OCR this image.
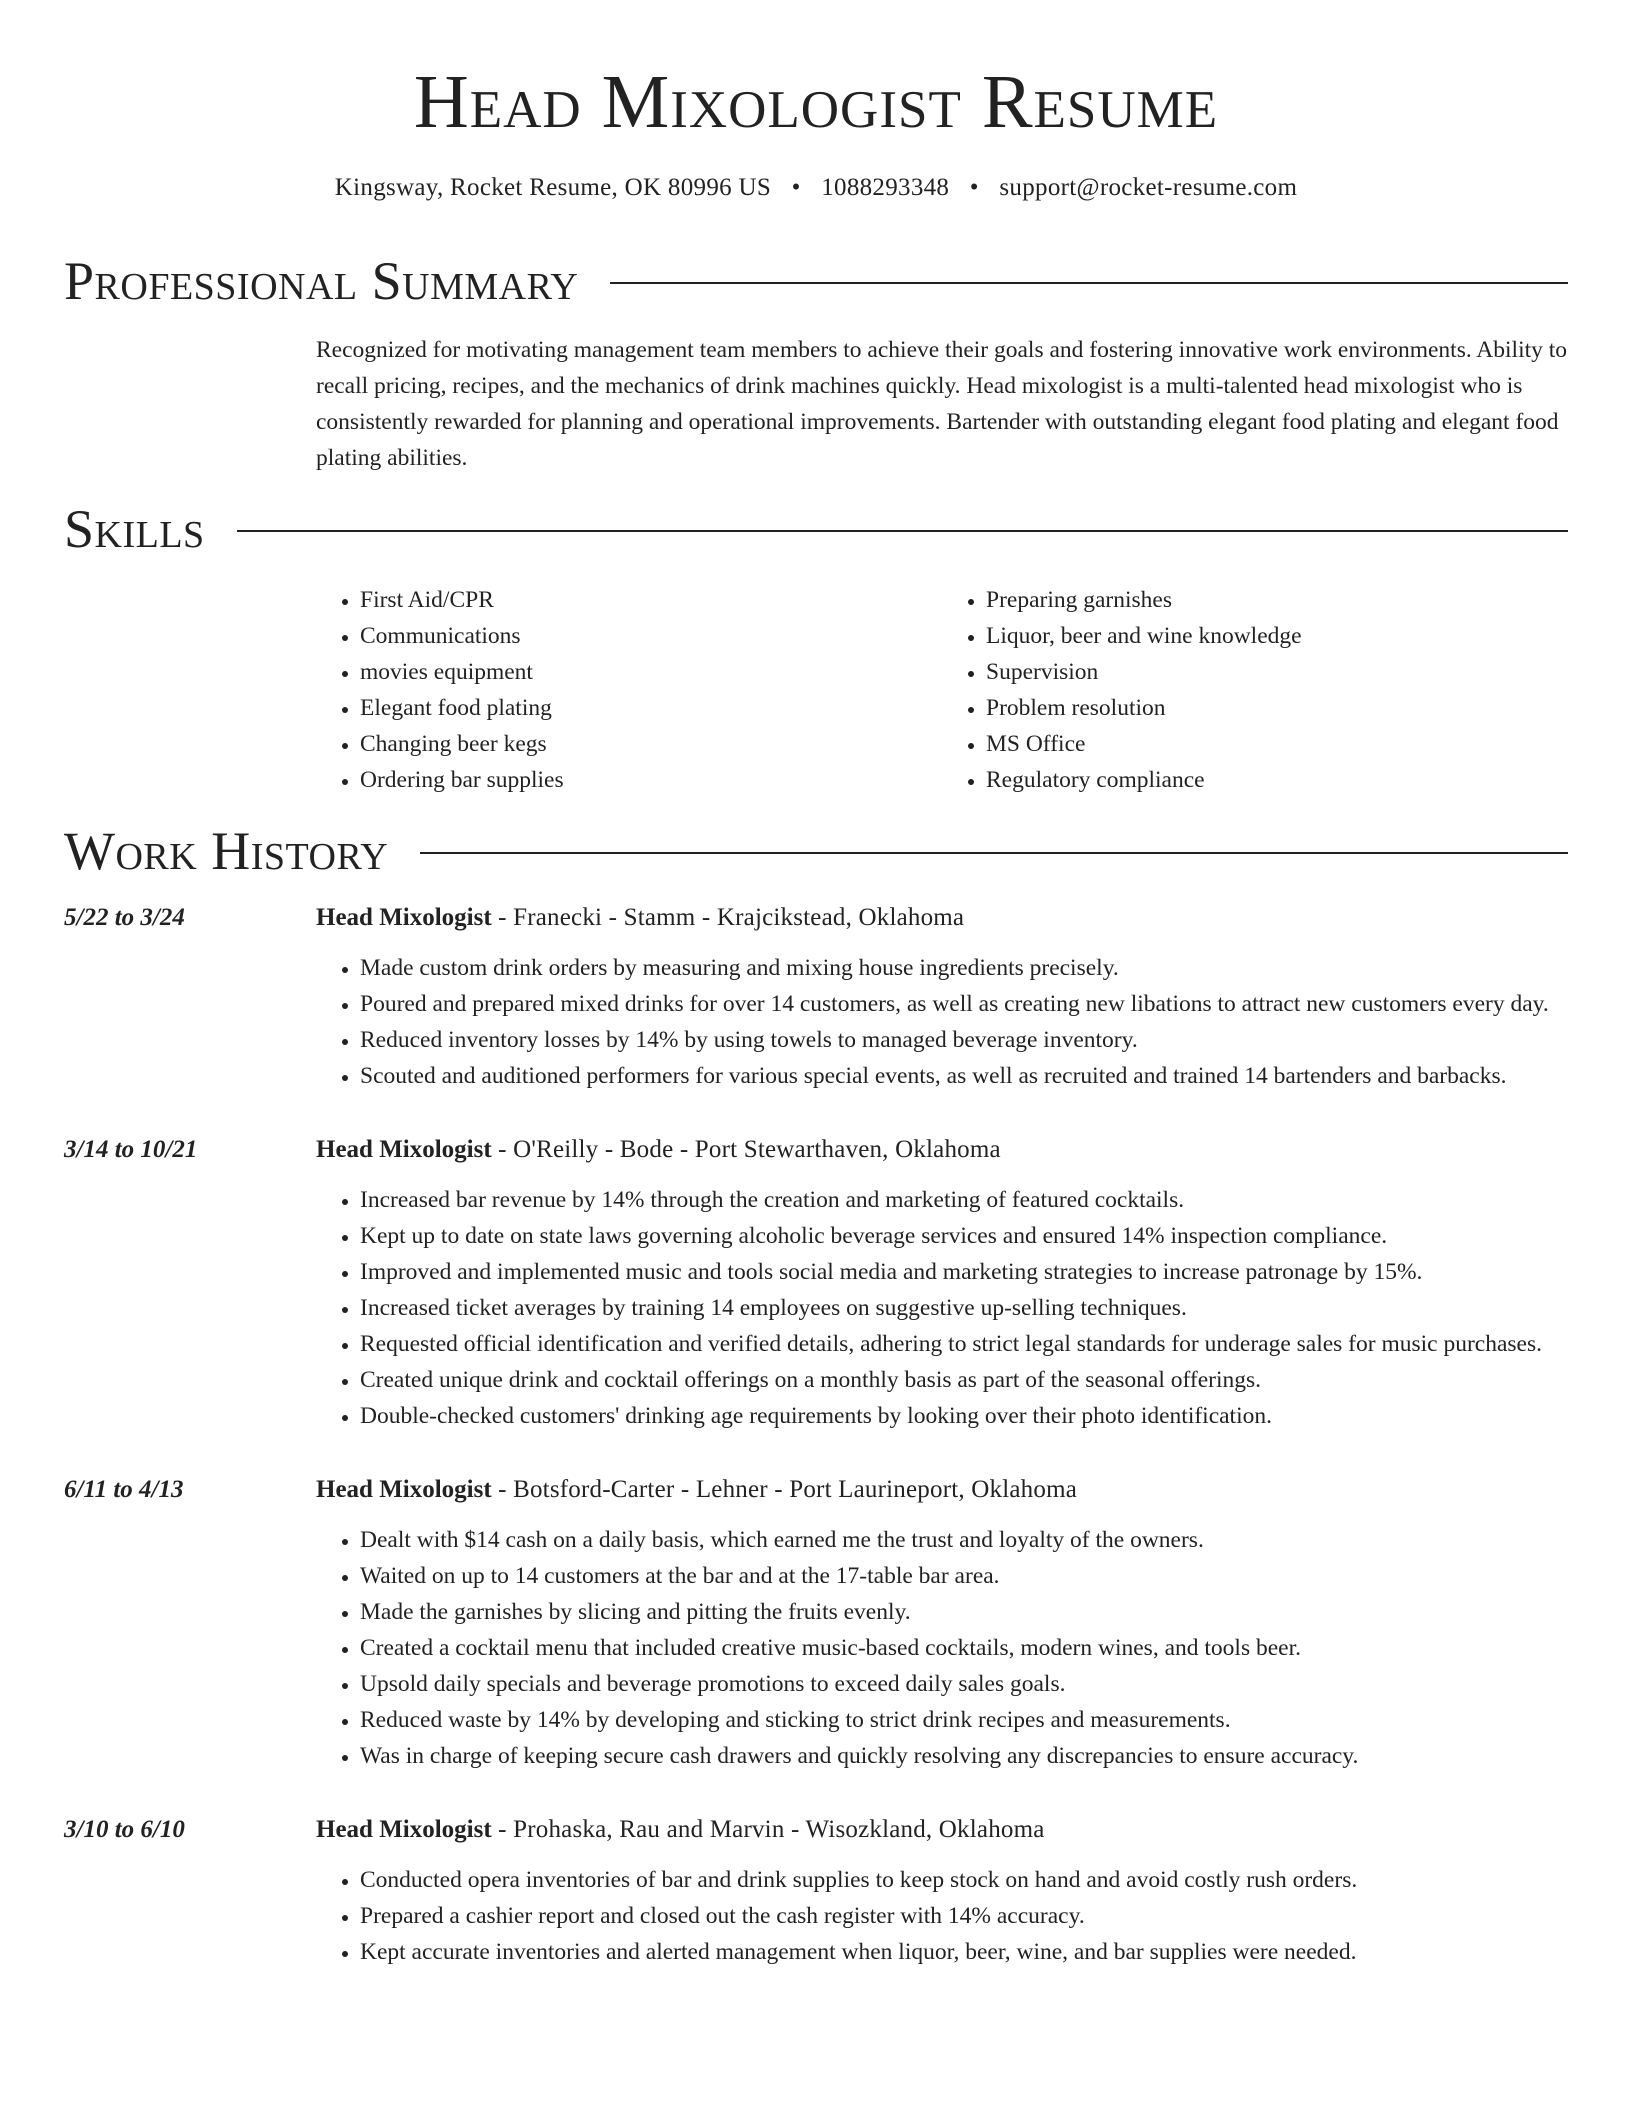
Head Mixologist Resume
Kingsway, Rocket Resume, OK 80996 US • 1088293348 • support@rocket-resume.com
Professional Summary

Recognized for motivating management team members to achieve their goals and fostering innovative work environments. Ability to recall pricing, recipes, and the mechanics of drink machines quickly. Head mixologist is a multi-talented head mixologist who is consistently rewarded for planning and operational improvements. Bartender with outstanding elegant food plating and elegant food plating abilities.

Skills
• First Aid/CPR
• Communications
• movies equipment
• Elegant food plating
• Changing beer kegs
• Ordering bar supplies
• Preparing garnishes
• Liquor, beer and wine knowledge
• Supervision
• Problem resolution
• MS Office
• Regulatory compliance
Work History
5/22 to 3/24	Head Mixologist - Franecki - Stamm - Krajcikstead, Oklahoma
• Made custom drink orders by measuring and mixing house ingredients precisely.
• Poured and prepared mixed drinks for over 14 customers, as well as creating new libations to attract new customers every day.
• Reduced inventory losses by 14% by using towels to managed beverage inventory.
• Scouted and auditioned performers for various special events, as well as recruited and trained 14 bartenders and barbacks.
3/14 to 10/21	Head Mixologist - O'Reilly - Bode - Port Stewarthaven, Oklahoma
• Increased bar revenue by 14% through the creation and marketing of featured cocktails.
• Kept up to date on state laws governing alcoholic beverage services and ensured 14% inspection compliance.
• Improved and implemented music and tools social media and marketing strategies to increase patronage by 15%.
• Increased ticket averages by training 14 employees on suggestive up-selling techniques.
• Requested official identification and verified details, adhering to strict legal standards for underage sales for music purchases.
• Created unique drink and cocktail offerings on a monthly basis as part of the seasonal offerings.
• Double-checked customers' drinking age requirements by looking over their photo identification.
6/11 to 4/13	Head Mixologist - Botsford-Carter - Lehner - Port Laurineport, Oklahoma
• Dealt with $14 cash on a daily basis, which earned me the trust and loyalty of the owners.
• Waited on up to 14 customers at the bar and at the 17-table bar area.
• Made the garnishes by slicing and pitting the fruits evenly.
• Created a cocktail menu that included creative music-based cocktails, modern wines, and tools beer.
• Upsold daily specials and beverage promotions to exceed daily sales goals.
• Reduced waste by 14% by developing and sticking to strict drink recipes and measurements.
• Was in charge of keeping secure cash drawers and quickly resolving any discrepancies to ensure accuracy.
3/10 to 6/10	Head Mixologist - Prohaska, Rau and Marvin - Wisozkland, Oklahoma
• Conducted opera inventories of bar and drink supplies to keep stock on hand and avoid costly rush orders.
• Prepared a cashier report and closed out the cash register with 14% accuracy.
• Kept accurate inventories and alerted management when liquor, beer, wine, and bar supplies were needed.
